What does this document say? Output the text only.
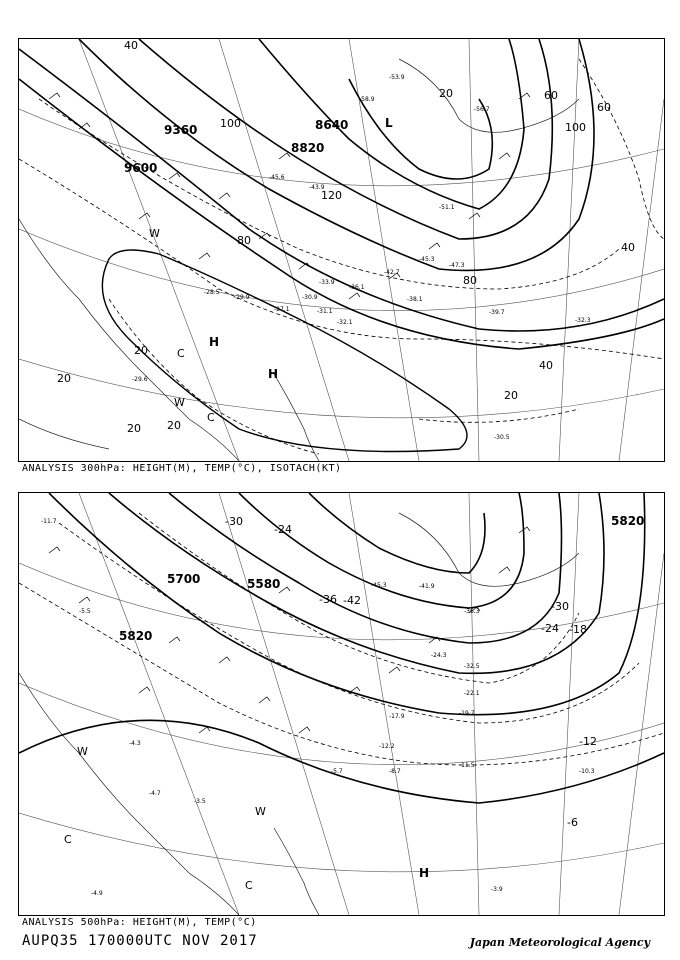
9360
9600
8640
8820
40
20	60
100
120
80
40
20
20
20
20 20
40
60
80
100	L
H
H
C
C
W
W
-53.9
-58.9
-56.7
-51.1
-45.6
-43.9
-39.7
-36.1
-32.1
-29.9	-30.9
-27.1	-31.1
-28.5
-29.6
-33.9
-38.1
-42.7
-45.3
-47.3
-32.3
-30.5
ANALYSIS 300hPa: HEIGHT(M), TEMP(°C), ISOTACH(KT)
5700
5820
5820
5580
-30
-36 -42	-30
-24 -18
-12
-6
-24
H
W
W
C
C
-11.7
-5.5
-4.3
-4.7
-3.5
-4.9
-19.7
-22.1
-32.5
-36.3
-24.3
-11.5
-10.3
-8.7
-5.7
-3.9
-12.2
-17.9
-41.9
-45.3
ANALYSIS 500hPa: HEIGHT(M), TEMP(°C)
AUPQ35 170000UTC NOV 2017	Japan Meteorological Agency
